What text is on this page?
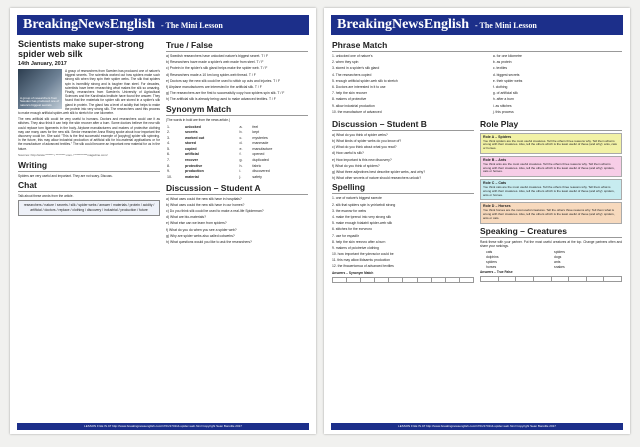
BreakingNewsEnglish - The Mini Lesson
Scientists make super-strong spider web silk
14th January, 2017
A group of researchers from Sweden has produced one of nature's biggest secrets

A group of researchers from Sweden has produced one of nature's biggest secrets. The scientists worked out how spiders make such strong silk when they spin their spider webs. The silk that spiders spin is incredibly strong and is tougher than steel. For decades, scientists have been researching what makes the silk so amazing. Finally, researchers from Sweden's University of Agricultural Sciences and the Karolinska Institute have found the answer. They found that the materials for spider silk are stored in a spider's silk gland in protein. The gland has a level of acidity that helps to make the protein into very strong silk. The researchers used this process to make enough artificial spider-web silk to stretch for one kilometre.

The new artificial silk could be very useful to humans. Doctors and researchers could use it as stitches. They also think it can help the skin recover after a burn. Some doctors believe the new silk could replace torn ligaments in the body. Airplane manufacturers and makers of protective clothing may use many uses for the new silk. Senior researcher Anna Rising spoke about how important the discovery could be. She said: "This is the first successful example of [copying] spider silk spinning. In the future, this may allow industrial production of artificial silk for bio-material applications or for the manufacture of advanced textiles." The silk could become an important new material for us in the future.

Sources: http://www.******* / ********.com / ***********magazine.com/
Writing

Spiders are very useful and important. They are not scary. Discuss.

Chat

Talk about these words from the article.

researchers / nature / secrets / silk / spider webs / answer / materials / protein / acidity / artificial / doctors / replace / clothing / discovery / industrial / production / future
True / False
a) Swedish researchers have unlocked nature's biggest secret. T / F
b) Researchers have made a spider's web made from steel. T / F
c) Protein in the spider's silk gland helps make the spider web. T / F
d) Researchers made a 10 km long spider-web thread. T / F
e) Doctors say the new silk could be used to stitch up cuts and injuries. T / F
f) Airplane manufacturers are interested in the artificial silk. T / F
g) The researchers are the first to successfully copy how spiders spin silk. T / F
h) The artificial silk is already being used to make advanced textiles. T / F
Synonym Match
(The words in bold are from the news article.)
1.	unlocked	a.	feel
2.	secrets	b.	kept
3.	worked out	c.	mysteries
4.	stored	d.	manmade
5.	copied	e.	manufacture
6.	artificial	f.	opened
7.	recover	g.	duplicated
8.	protective	h.	fabric
9.	production	i.	discovered
10.	material	j.	safety
Discussion – Student A
a) What uses could the new silk have in hospitals?
b) What uses could the new silk have in our homes?
c) Do you think silk could be used to make a real-life Spiderman?
d) What are bio-materials?
e) What else can we learn from spiders?
f) What do you do when you see a spider web?
g) Why are spider webs also called cobwebs?
h) What questions would you like to ask the researchers?
LESSON FILE IS AT http://www.breakingnewsenglish.com/1701/170114-spider-web.html Copyright Sean Banville 2017
BreakingNewsEnglish - The Mini Lesson
Phrase Match
1. unlocked one of nature's
2. when they spin
3. stored in a spider's silk gland
4. The researchers copied
5. enough artificial spider-web silk to stretch
6. Doctors are interested in it to use
7. help the skin recover
8. makers of protective
9. allow industrial production
10. the manufacture of advanced
a. for one kilometre
b. as protein
c. textiles
d. biggest secrets
e. their spider webs
f. clothing
g. of artificial silk
h. after a burn
i. as stitches
j. this process
Discussion – Student B
a) What do you think of spider webs?
b) What kinds of spider webs do you know of?
c) What do you think about what you read?
d) How useful is silk?
e) How important is this new discovery?
f) What do you think of spiders?
g) What three adjectives best describe spider webs, and why?
h) What other secrets of nature should researchers unlock?
Spelling
1. one of nature's biggest ssrecte
2. silk that spiders spin is ynirlcebdi strong
3. the esanrw for webs
4. make the tprenoi into very strong silk
5. make enough fcialatrii spider-web silk
6. stitches for the ecrveoro
7. use for espadlir
8. help the skin reecvro after a burn
9. makers of pciotretve clothing
10. how important the ydevscior could be
11. this may allow ilidsarntu production
12. the ifnauertcmua of advanced textiles
Answers – Synonym Match

Role Play
Role A – Spiders
You think spiders are the most useful creatures. Tell the others three reasons why. Tell them what is wrong with their creatures. Also, tell the others which is the least useful of these (and why): ants, cats or horses.
Role B – Ants
You think ants are the most useful creatures. Tell the others three reasons why. Tell them what is wrong with their creatures. Also, tell the others which is the least useful of these (and why): spiders, cats or horses.
Role C – Cats
You think cats are the most useful creatures. Tell the others three reasons why. Tell them what is wrong with their creatures. Also, tell the others which is the least useful of these (and why): spiders, ants or horses.
Role D – Horses
You think horses are the most useful creatures. Tell the others three reasons why. Tell them what is wrong with their creatures. Also, tell the others which is the least useful of these (and why): spiders, ants or cats.
Speaking – Creatures

Rank these with your partner. Put the most useful creatures at the top. Change partners often and share your rankings.

cats	spiders
dolphins	dogs
spiders	ants
horses	snakes
Answers – True False

LESSON FILE IS AT http://www.breakingnewsenglish.com/1701/170114-spider-web.html Copyright Sean Banville 2017
